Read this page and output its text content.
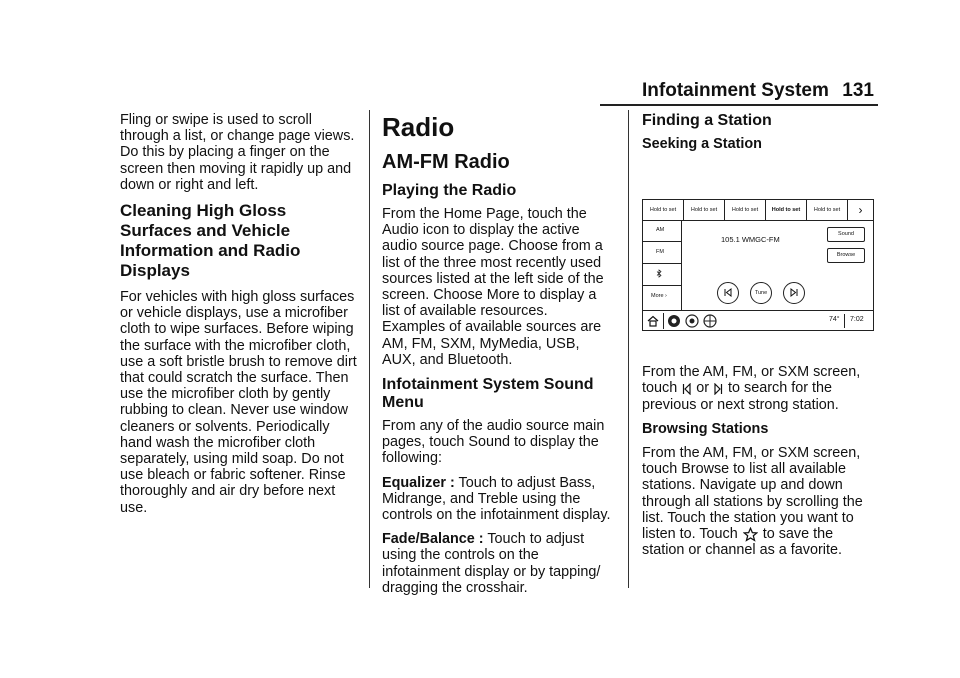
Infotainment System 131

Fling or swipe is used to scroll through a list, or change page views. Do this by placing a finger on the screen then moving it rapidly up and down or right and left.

Cleaning High Gloss Surfaces and Vehicle Information and Radio Displays

For vehicles with high gloss surfaces or vehicle displays, use a microfiber cloth to wipe surfaces. Before wiping the surface with the microfiber cloth, use a soft bristle brush to remove dirt that could scratch the surface. Then use the microfiber cloth by gently rubbing to clean. Never use window cleaners or solvents. Periodically hand wash the microfiber cloth separately, using mild soap. Do not use bleach or fabric softener. Rinse thoroughly and air dry before next use.

Radio
AM-FM Radio
Playing the Radio

From the Home Page, touch the Audio icon to display the active audio source page. Choose from a list of the three most recently used sources listed at the left side of the screen. Choose More to display a list of available resources. Examples of available sources are AM, FM, SXM, MyMedia, USB, AUX, and Bluetooth.

Infotainment System Sound Menu

From any of the audio source main pages, touch Sound to display the following:

Equalizer : Touch to adjust Bass, Midrange, and Treble using the controls on the infotainment display.

Fade/Balance : Touch to adjust using the controls on the infotainment display or by tapping/ dragging the crosshair.

Finding a Station
Seeking a Station

From the AM, FM, or SXM screen, touch or to search for the previous or next strong station.

Browsing Stations

From the AM, FM, or SXM screen, touch Browse to list all available stations. Navigate up and down through all stations by scrolling the list. Touch the station you want to listen to. Touch to save the station or channel as a favorite.

Hold to set	Hold to set	Hold to set	Hold to set	Hold to set	›
AM
FM
More ›
105.1 WMGC-FM
Sound
Browse
Tune
74° 7:02
